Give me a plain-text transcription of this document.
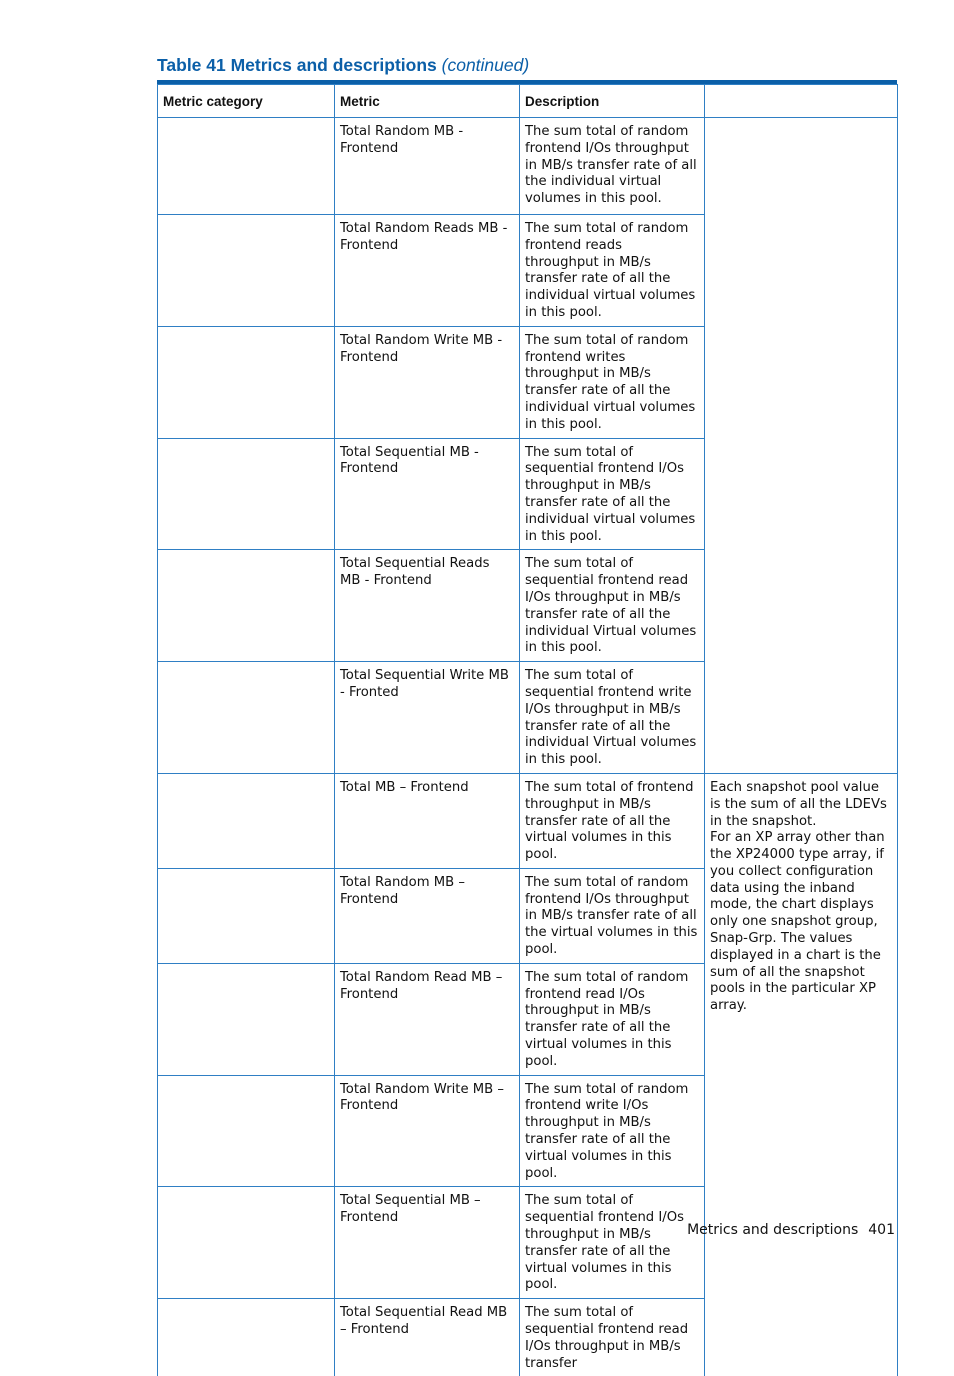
Table 41 Metrics and descriptions (continued)
Metric category	Metric	Description	
	Total Random MB - Frontend	The sum total of random frontend I/Os throughput in MB/s transfer rate of all the individual virtual volumes in this pool.	
	Total Random Reads MB - Frontend	The sum total of random frontend reads throughput in MB/s transfer rate of all the individual virtual volumes in this pool.	
	Total Random Write MB - Frontend	The sum total of random frontend writes throughput in MB/s transfer rate of all the individual virtual volumes in this pool.	
	Total Sequential MB - Frontend	The sum total of sequential frontend I/Os throughput in MB/s transfer rate of all the individual virtual volumes in this pool.	
	Total Sequential Reads MB - Frontend	The sum total of sequential frontend read I/Os throughput in MB/s transfer rate of all the individual Virtual volumes in this pool.	
	Total Sequential Write MB - Fronted	The sum total of sequential frontend write I/Os throughput in MB/s transfer rate of all the individual Virtual volumes in this pool.	
	Total MB – Frontend	The sum total of frontend throughput in MB/s transfer rate of all the virtual volumes in this pool.	Each snapshot pool value is the sum of all the LDEVs in the snapshot.
For an XP array other than the XP24000 type array, if you collect configuration data using the inband mode, the chart displays only one snapshot group, Snap-Grp. The values displayed in a chart is the sum of all the snapshot pools in the particular XP array.

	Total Random MB – Frontend	The sum total of random frontend I/Os throughput in MB/s transfer rate of all the virtual volumes in this pool.	
	Total Random Read MB – Frontend	The sum total of random frontend read I/Os throughput in MB/s transfer rate of all the virtual volumes in this pool.	
	Total Random Write MB – Frontend	The sum total of random frontend write I/Os throughput in MB/s transfer rate of all the virtual volumes in this pool.	
	Total Sequential MB – Frontend	The sum total of sequential frontend I/Os throughput in MB/s transfer rate of all the virtual volumes in this pool.	
	Total Sequential Read MB – Frontend	The sum total of sequential frontend read I/Os throughput in MB/s transfer	
Metrics and descriptions 401
